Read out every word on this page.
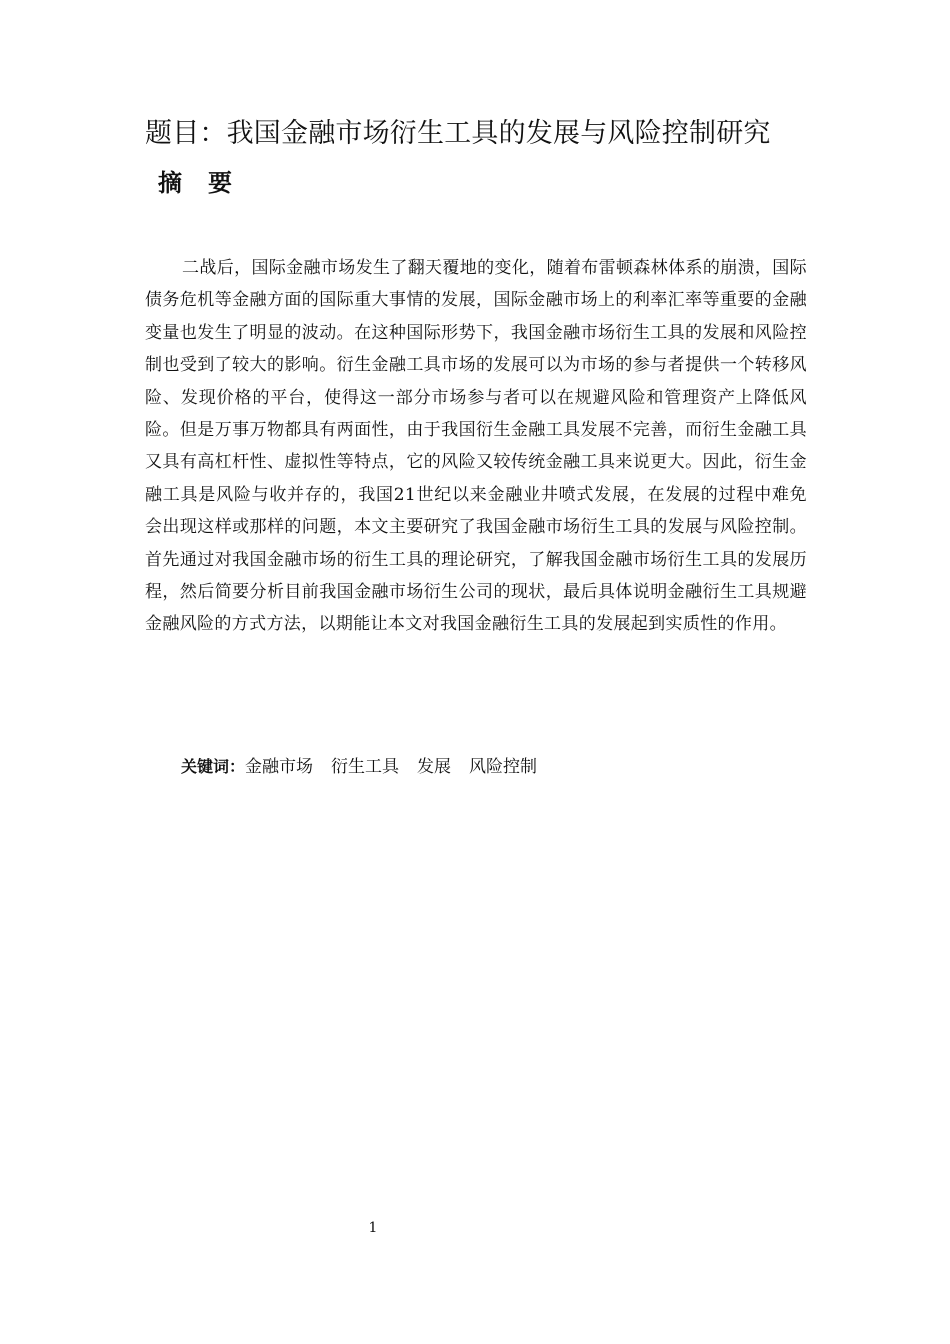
题目：我国金融市场衍生工具的发展与风险控制研究
摘 要

二战后，国际金融市场发生了翻天覆地的变化，随着布雷顿森林体系的崩溃，国际债务危机等金融方面的国际重大事情的发展，国际金融市场上的利率汇率等重要的金融变量也发生了明显的波动。在这种国际形势下，我国金融市场衍生工具的发展和风险控制也受到了较大的影响。衍生金融工具市场的发展可以为市场的参与者提供一个转移风险、发现价格的平台，使得这一部分市场参与者可以在规避风险和管理资产上降低风险。但是万事万物都具有两面性，由于我国衍生金融工具发展不完善，而衍生金融工具又具有高杠杆性、虚拟性等特点，它的风险又较传统金融工具来说更大。因此，衍生金融工具是风险与收并存的，我国21世纪以来金融业井喷式发展，在发展的过程中难免会出现这样或那样的问题，本文主要研究了我国金融市场衍生工具的发展与风险控制。首先通过对我国金融市场的衍生工具的理论研究，了解我国金融市场衍生工具的发展历程，然后简要分析目前我国金融市场衍生公司的现状，最后具体说明金融衍生工具规避金融风险的方式方法，以期能让本文对我国金融衍生工具的发展起到实质性的作用。

关键词：金融市场 衍生工具 发展 风险控制
1
